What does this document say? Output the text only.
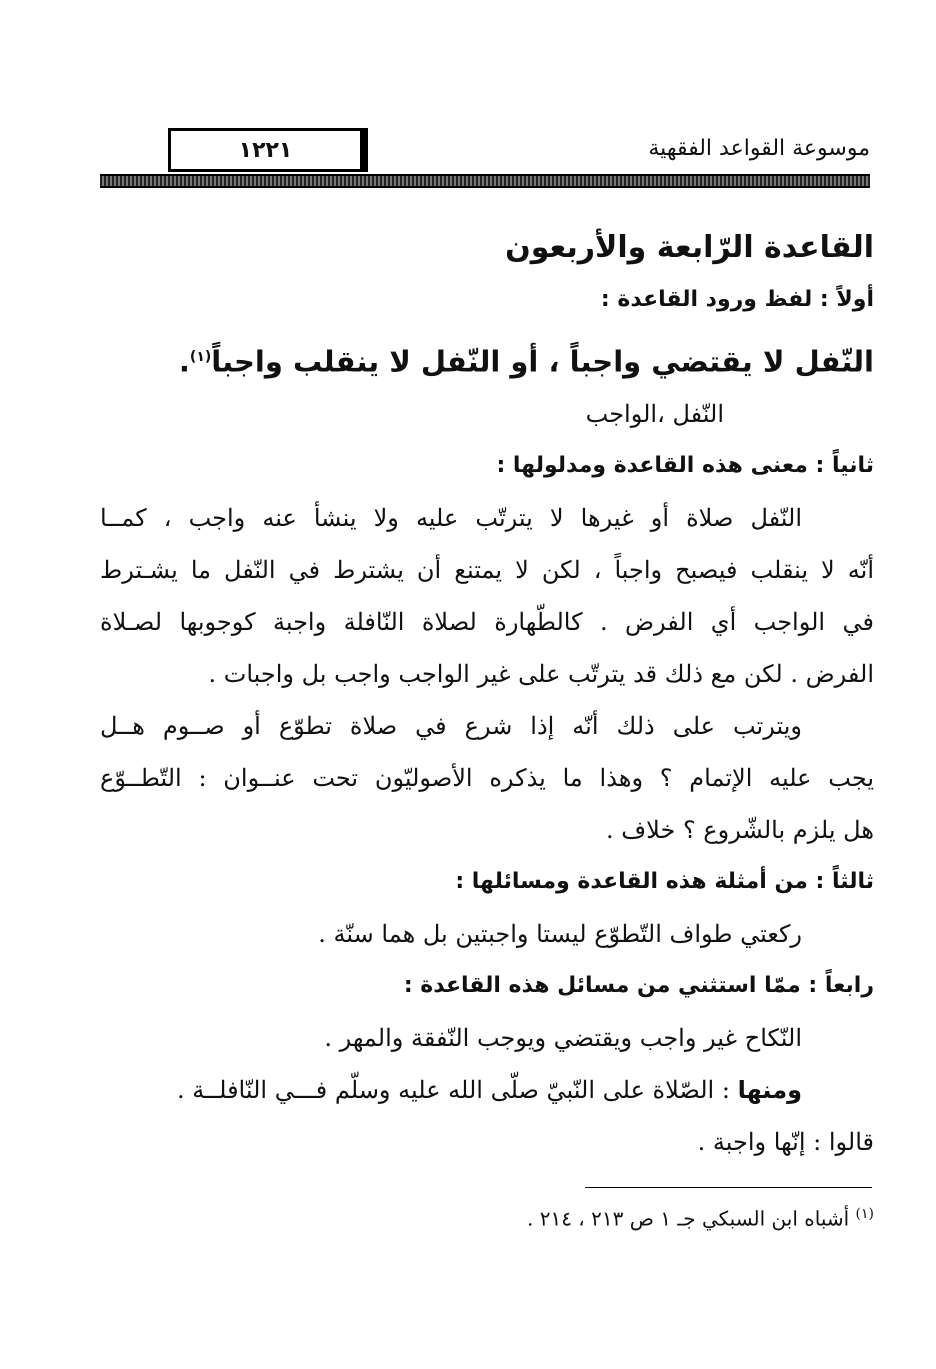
موسوعة القواعد الفقهية
١٢٢١
القاعدة الرّابعة والأربعون
أولاً : لفظ ورود القاعدة :
النّفل لا يقتضي واجباً ، أو النّفل لا ينقلب واجباً$^{(١)}$.
النّفل ،الواجب
ثانياً : معنى هذه القاعدة ومدلولها :
النّفل صلاة أو غيرها لا يترتّب عليه ولا ينشأ عنه واجب ، كمــا
أنّه لا ينقلب فيصبح واجباً ، لكن لا يمتنع أن يشترط في النّفل ما يشـترط
في الواجب أي الفرض . كالطّهارة لصلاة النّافلة واجبة كوجوبها لصـلاة
الفرض . لكن مع ذلك قد يترتّب على غير الواجب واجب بل واجبات .
ويترتب على ذلك أنّه إذا شرع في صلاة تطوّع أو صــوم هــل
يجب عليه الإتمام ؟ وهذا ما يذكره الأصوليّون تحت عنــوان : التّطــوّع
هل يلزم بالشّروع ؟ خلاف .
ثالثاً : من أمثلة هذه القاعدة ومسائلها :
ركعتي طواف التّطوّع ليستا واجبتين بل هما سنّة .
رابعاً : ممّا استثني من مسائل هذه القاعدة :
النّكاح غير واجب ويقتضي ويوجب النّفقة والمهر .
ومنها : الصّلاة على النّبيّ صلّى الله عليه وسلّم فـــي النّافلــة .
قالوا : إنّها واجبة .
$^{(١)}$ أشباه ابن السبكي جـ ١ ص ٢١٣ ، ٢١٤ .
